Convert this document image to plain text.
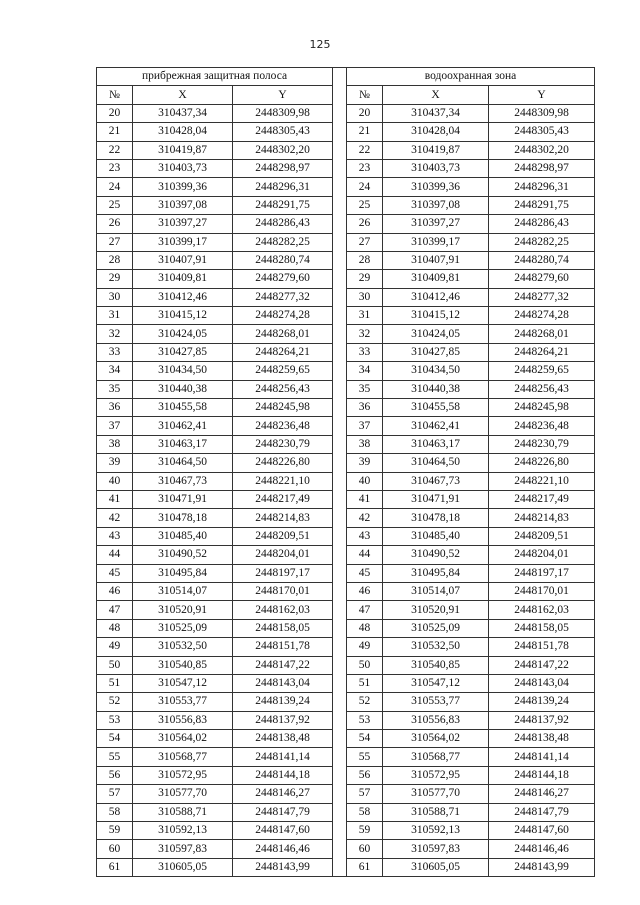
125
прибрежная защитная полоса				водоохранная зона		
№	X	Y		№	X	Y
20	310437,34	2448309,98		20	310437,34	2448309,98
21	310428,04	2448305,43		21	310428,04	2448305,43
22	310419,87	2448302,20		22	310419,87	2448302,20
23	310403,73	2448298,97		23	310403,73	2448298,97
24	310399,36	2448296,31		24	310399,36	2448296,31
25	310397,08	2448291,75		25	310397,08	2448291,75
26	310397,27	2448286,43		26	310397,27	2448286,43
27	310399,17	2448282,25		27	310399,17	2448282,25
28	310407,91	2448280,74		28	310407,91	2448280,74
29	310409,81	2448279,60		29	310409,81	2448279,60
30	310412,46	2448277,32		30	310412,46	2448277,32
31	310415,12	2448274,28		31	310415,12	2448274,28
32	310424,05	2448268,01		32	310424,05	2448268,01
33	310427,85	2448264,21		33	310427,85	2448264,21
34	310434,50	2448259,65		34	310434,50	2448259,65
35	310440,38	2448256,43		35	310440,38	2448256,43
36	310455,58	2448245,98		36	310455,58	2448245,98
37	310462,41	2448236,48		37	310462,41	2448236,48
38	310463,17	2448230,79		38	310463,17	2448230,79
39	310464,50	2448226,80		39	310464,50	2448226,80
40	310467,73	2448221,10		40	310467,73	2448221,10
41	310471,91	2448217,49		41	310471,91	2448217,49
42	310478,18	2448214,83		42	310478,18	2448214,83
43	310485,40	2448209,51		43	310485,40	2448209,51
44	310490,52	2448204,01		44	310490,52	2448204,01
45	310495,84	2448197,17		45	310495,84	2448197,17
46	310514,07	2448170,01		46	310514,07	2448170,01
47	310520,91	2448162,03		47	310520,91	2448162,03
48	310525,09	2448158,05		48	310525,09	2448158,05
49	310532,50	2448151,78		49	310532,50	2448151,78
50	310540,85	2448147,22		50	310540,85	2448147,22
51	310547,12	2448143,04		51	310547,12	2448143,04
52	310553,77	2448139,24		52	310553,77	2448139,24
53	310556,83	2448137,92		53	310556,83	2448137,92
54	310564,02	2448138,48		54	310564,02	2448138,48
55	310568,77	2448141,14		55	310568,77	2448141,14
56	310572,95	2448144,18		56	310572,95	2448144,18
57	310577,70	2448146,27		57	310577,70	2448146,27
58	310588,71	2448147,79		58	310588,71	2448147,79
59	310592,13	2448147,60		59	310592,13	2448147,60
60	310597,83	2448146,46		60	310597,83	2448146,46
61	310605,05	2448143,99		61	310605,05	2448143,99
